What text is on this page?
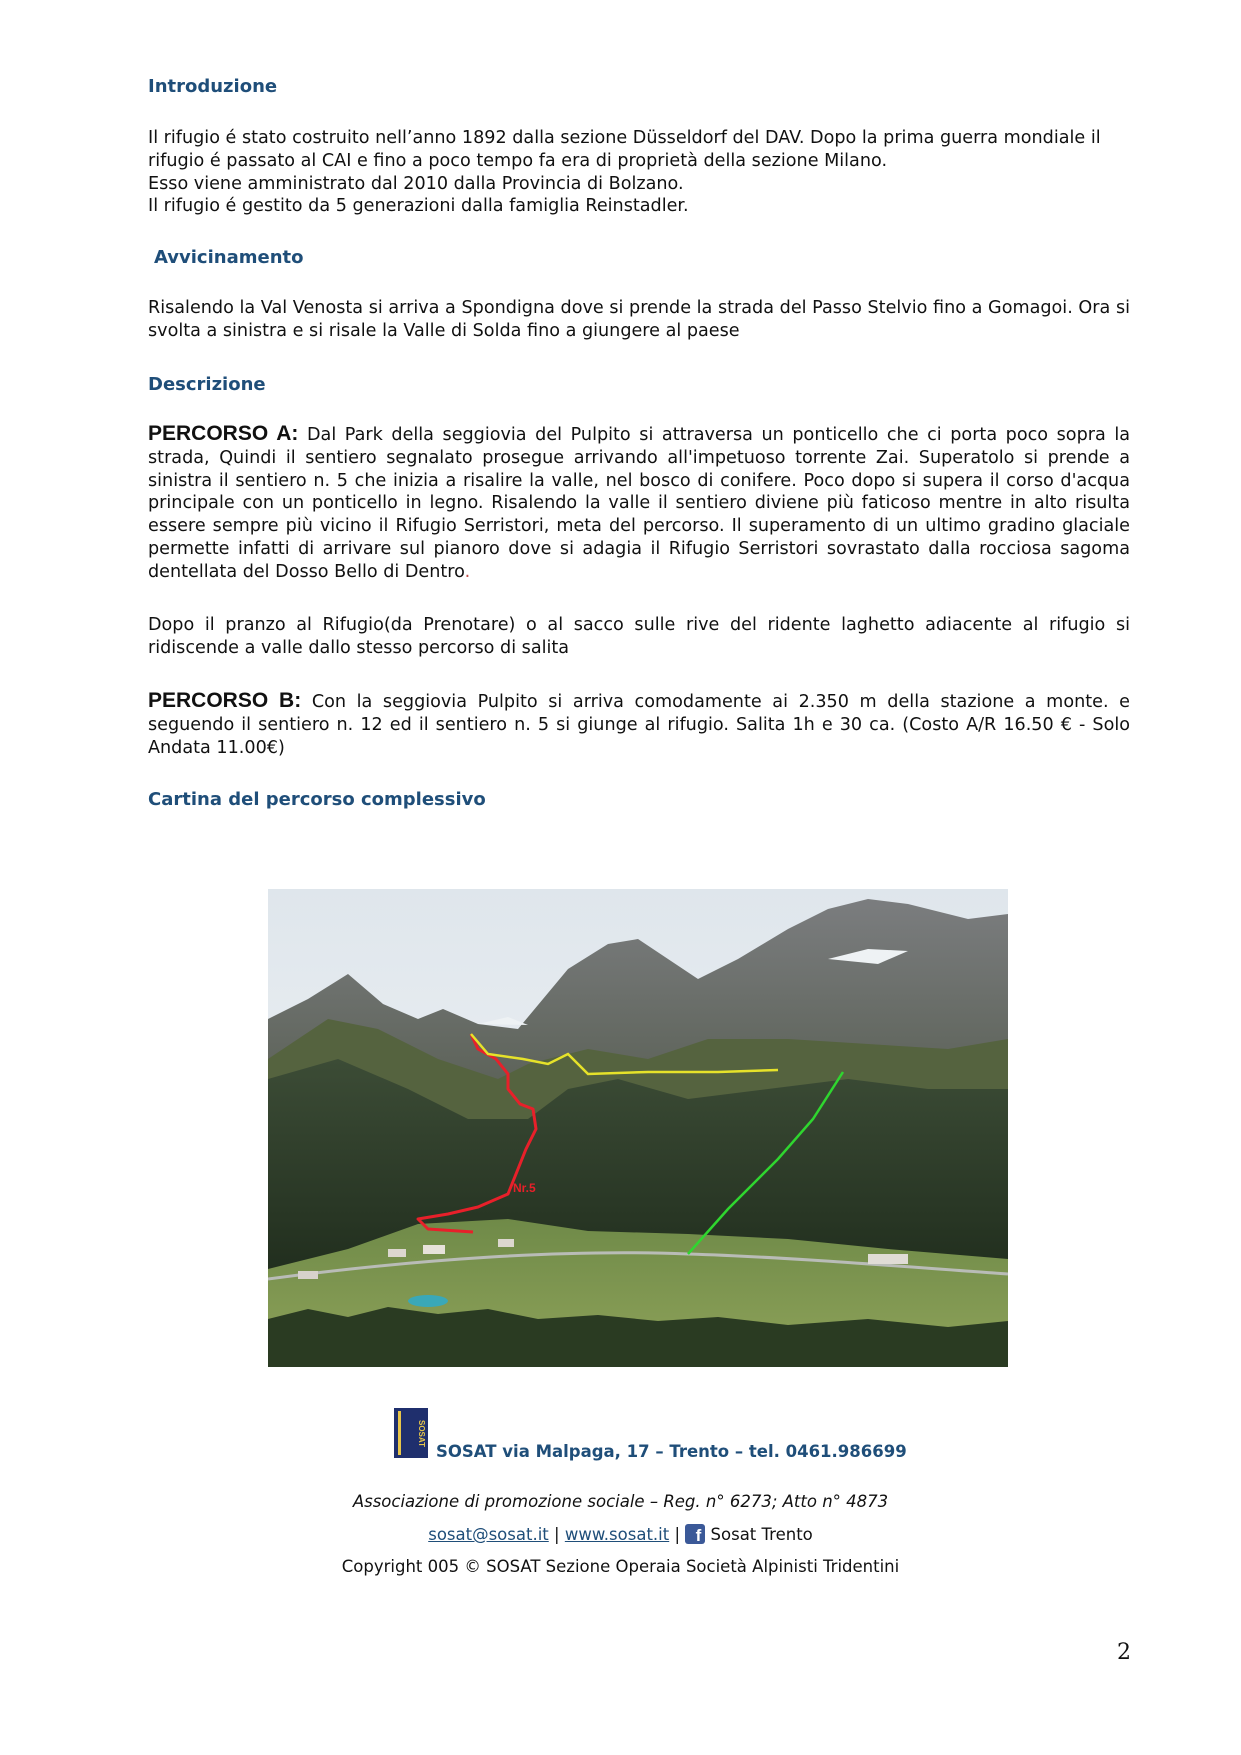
Introduzione

Il rifugio é stato costruito nell’anno 1892 dalla sezione Düsseldorf del DAV. Dopo la prima guerra mondiale il rifugio é passato al CAI e fino a poco tempo fa era di proprietà della sezione Milano.

Esso viene amministrato dal 2010 dalla Provincia di Bolzano.

Il rifugio é gestito da 5 generazioni dalla famiglia Reinstadler.

Avvicinamento
Risalendo la Val Venosta si arriva a Spondigna dove si prende la strada del Passo Stelvio fino a Gomagoi. Ora si svolta a sinistra e si risale la Valle di Solda fino a giungere al paese
Descrizione
PERCORSO A: Dal Park della seggiovia del Pulpito si attraversa un ponticello che ci porta poco sopra la strada, Quindi il sentiero segnalato prosegue arrivando all'impetuoso torrente Zai. Superatolo si prende a sinistra il sentiero n. 5 che inizia a risalire la valle, nel bosco di conifere. Poco dopo si supera il corso d'acqua principale con un ponticello in legno. Risalendo la valle il sentiero diviene più faticoso mentre in alto risulta essere sempre più vicino il Rifugio Serristori, meta del percorso. Il superamento di un ultimo gradino glaciale permette infatti di arrivare sul pianoro dove si adagia il Rifugio Serristori sovrastato dalla rocciosa sagoma dentellata del Dosso Bello di Dentro.
Dopo il pranzo al Rifugio(da Prenotare) o al sacco sulle rive del ridente laghetto adiacente al rifugio si ridiscende a valle dallo stesso percorso di salita
PERCORSO B: Con la seggiovia Pulpito si arriva comodamente ai 2.350 m della stazione a monte. e seguendo il sentiero n. 12 ed il sentiero n. 5 si giunge al rifugio. Salita 1h e 30 ca. (Costo A/R 16.50 € - Solo Andata 11.00€)
Cartina del percorso complessivo
Nr.5
SOSAT
SOSAT via Malpaga, 17 – Trento – tel. 0461.986699
Associazione di promozione sociale – Reg. n° 6273; Atto n° 4873
sosat@sosat.it | www.sosat.it | f Sosat Trento
Copyright 005 © SOSAT Sezione Operaia Società Alpinisti Tridentini
2
